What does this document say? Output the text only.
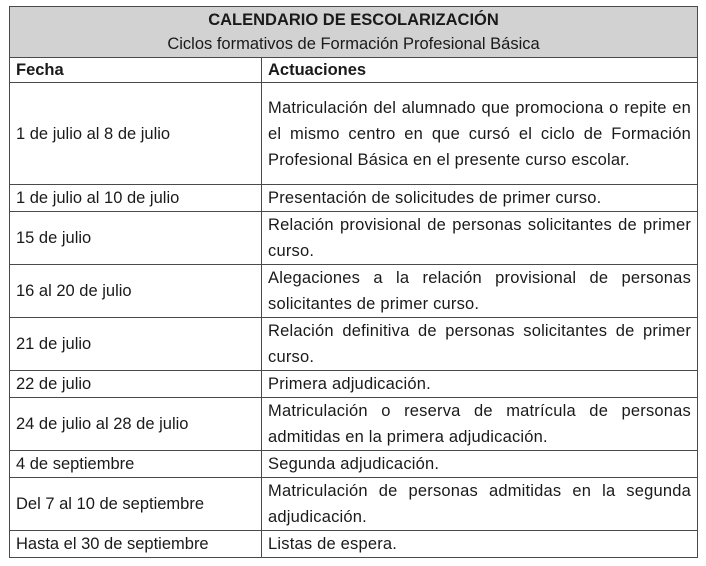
CALENDARIO DE ESCOLARIZACIÓN
Ciclos formativos de Formación Profesional Básica	

Fecha	Actuaciones
1 de julio al 8 de julio	Matriculación del alumnado que promociona o repite en el mismo centro en que cursó el ciclo de Formación Profesional Básica en el presente curso escolar.
1 de julio al 10 de julio	Presentación de solicitudes de primer curso.
15 de julio	Relación provisional de personas solicitantes de primer curso.
16 al 20 de julio	Alegaciones a la relación provisional de personas solicitantes de primer curso.
21 de julio	Relación definitiva de personas solicitantes de primer curso.
22 de julio	Primera adjudicación.
24 de julio al 28 de julio	Matriculación o reserva de matrícula de personas admitidas en la primera adjudicación.
4 de septiembre	Segunda adjudicación.
Del 7 al 10 de septiembre	Matriculación de personas admitidas en la segunda adjudicación.
Hasta el 30 de septiembre	Listas de espera.
